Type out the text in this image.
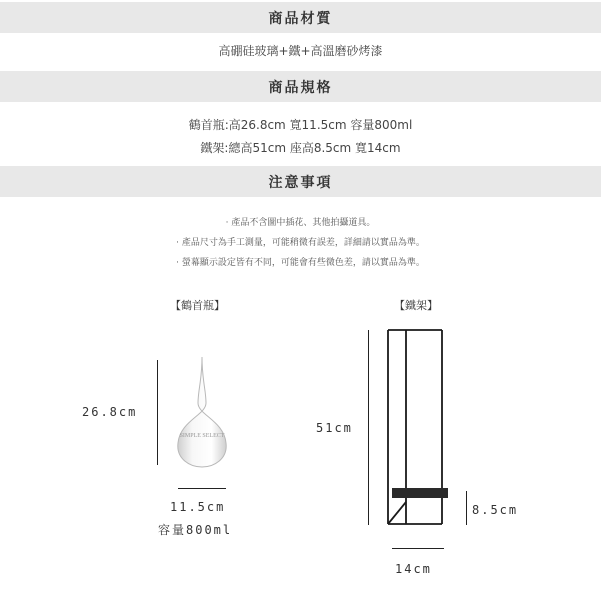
商品材質
高硼硅玻璃+鐵+高溫磨砂烤漆
商品規格
鶴首瓶:高26.8cm 寬11.5cm 容量800ml
鐵架:總高51cm 座高8.5cm 寬14cm
注意事項
· 產品不含圖中插花、其他拍攝道具。
· 產品尺寸為手工測量，可能稍微有誤差，詳細請以實品為準。
· 螢幕顯示設定皆有不同，可能會有些微色差，請以實品為準。
【鶴首瓶】
26.8cm
SIMPLE SELECT
11.5cm
容量800ml
【鐵架】
51cm
8.5cm
14cm
